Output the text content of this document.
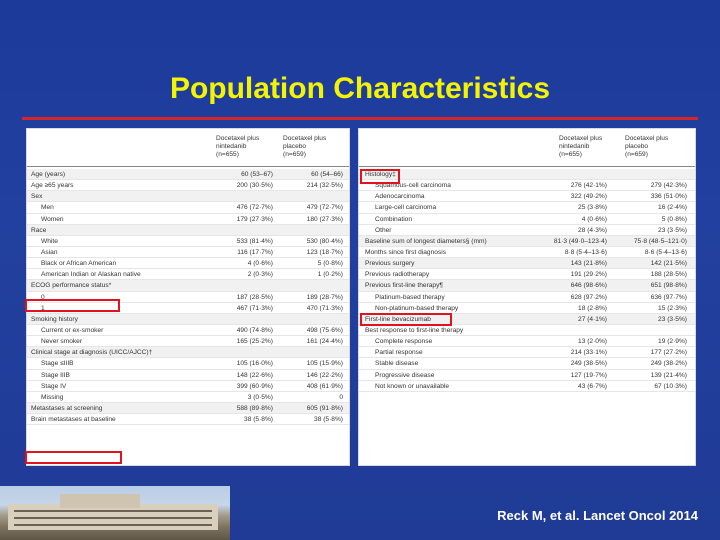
Population Characteristics
Docetaxel plus
nintedanib
(n=655)
Docetaxel plus
placebo
(n=659)
Age (years)	60 (53–67)	60 (54–66)
Age ≥65 years	200 (30·5%)	214 (32·5%)
Sex
Men	476 (72·7%)	479 (72·7%)
Women	179 (27·3%)	180 (27·3%)
Race
White	533 (81·4%)	530 (80·4%)
Asian	116 (17·7%)	123 (18·7%)
Black or African American	4 (0·6%)	5 (0·8%)
American Indian or Alaskan native	2 (0·3%)	1 (0·2%)
ECOG performance status*
0	187 (28·5%)	189 (28·7%)
1	467 (71·3%)	470 (71·3%)
Smoking history
Current or ex-smoker	490 (74·8%)	498 (75·6%)
Never smoker	165 (25·2%)	161 (24·4%)
Clinical stage at diagnosis (UICC/AJCC)†
Stage ≤IIIB	105 (16·0%)	105 (15·9%)
Stage IIIB	148 (22·6%)	146 (22·2%)
Stage IV	399 (60·9%)	408 (61·9%)
Missing	3 (0·5%)	0
Metastases at screening	588 (89·8%)	605 (91·8%)
Brain metastases at baseline	38 (5·8%)	38 (5·8%)
Docetaxel plus
nintedanib
(n=655)
Docetaxel plus
placebo
(n=659)
Histology‡
Squamous-cell carcinoma	276 (42·1%)	279 (42·3%)
Adenocarcinoma	322 (49·2%)	336 (51·0%)
Large-cell carcinoma	25 (3·8%)	16 (2·4%)
Combination	4 (0·6%)	5 (0·8%)
Other	28 (4·3%)	23 (3·5%)
Baseline sum of longest diameters§ (mm)	81·3 (49·0–123·4)	75·8 (48·5–121·0)
Months since first diagnosis	8·8 (5·4–13·6)	8·6 (5·4–13·6)
Previous surgery	143 (21·8%)	142 (21·5%)
Previous radiotherapy	191 (29·2%)	188 (28·5%)
Previous first-line therapy¶	646 (98·6%)	651 (98·8%)
Platinum-based therapy	628 (97·2%)	636 (97·7%)
Non-platinum-based therapy	18 (2·8%)	15 (2·3%)
First-line bevacizumab	27 (4·1%)	23 (3·5%)
Best response to first-line therapy
Complete response	13 (2·0%)	19 (2·9%)
Partial response	214 (33·1%)	177 (27·2%)
Stable disease	249 (38·5%)	249 (38·2%)
Progressive disease	127 (19·7%)	139 (21·4%)
Not known or unavailable	43 (6·7%)	67 (10·3%)
Reck M, et al. Lancet Oncol 2014
